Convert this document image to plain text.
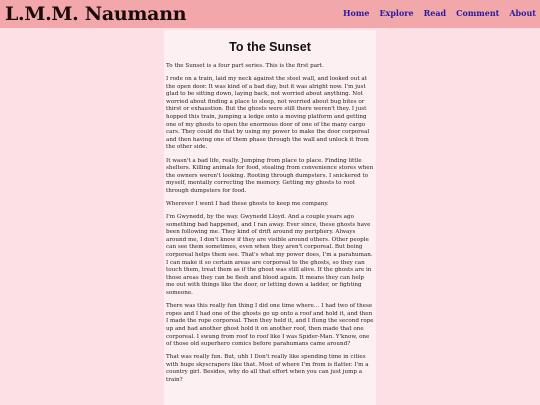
L.M.M. Naumann	Home Explore Read Comment About
To the Sunset

To the Sunset is a four part series. This is the first part.

I rode on a train, laid my neck against the steel wall, and looked out at the open door. It was kind of a bad day, but it was alright now. I'm just glad to be sitting down, laying back, not worried about anything. Not worried about finding a place to sleep, not worried about bug bites or thirst or exhaustion. But the ghosts were still there weren't they. I just hopped this train, jumping a ledge onto a moving platform and getting one of my ghosts to open the enormous door of one of the many cargo cars. They could do that by using my power to make the door corporeal and then having one of them phase through the wall and unlock it from the other side.

It wasn't a bad life, really. Jumping from place to place. Finding little shelters. Killing animals for food, stealing from convenience stores when the owners weren't looking. Rooting through dumpsters. I snickered to myself, mentally correcting the memory. Getting my ghosts to root through dumpsters for food.

Wherever I went I had these ghosts to keep me company.

I'm Gwynedd, by the way. Gwynedd Lloyd. And a couple years ago something bad happened, and I ran away. Ever since, these ghosts have been following me. They kind of drift around my periphery. Always around me, I don't know if they are visible around others. Other people can see them sometimes, even when they aren't corporeal. But being corporeal helps them see. That's what my power does, I'm a parahuman. I can make it so certain areas are corporeal to the ghosts, so they can touch them, treat them as if the ghost was still alive. If the ghosts are in those areas they can be flesh and blood again. It means they can help me out with things like the door, or letting down a ladder, or fighting someone.

There was this really fun thing I did one time where… I had two of these ropes and I had one of the ghosts go up onto a roof and hold it, and then I made the rope corporeal. Then they held it, and I flung the second rope up and had another ghost hold it on another roof, then made that one corporeal. I swung from roof to roof like I was Spider-Man. Y'know, one of those old superhero comics before parahumans came around?

That was really fun. But, uhh I Don't really like spending time in cities with huge skyscrapers like that. Most of where I'm from is flatter. I'm a country girl. Besides, why do all that effort when you can just jump a train?
